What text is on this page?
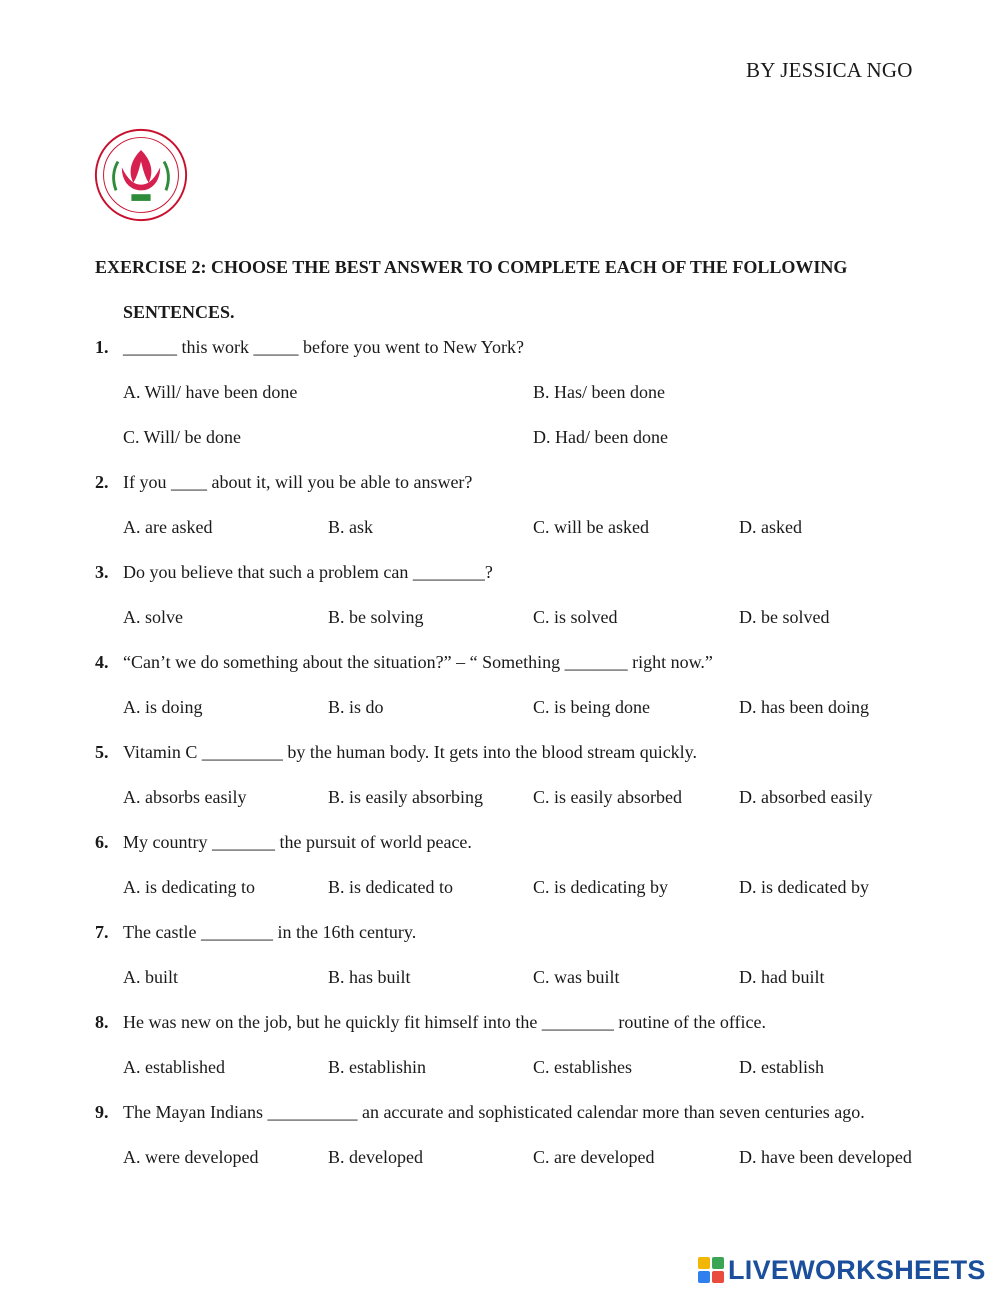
BY JESSICA NGO
EXERCISE 2: CHOOSE THE BEST ANSWER TO COMPLETE EACH OF THE FOLLOWING
SENTENCES.
1. ______ this work _____ before you went to New York?
A. Will/ have been done	B. Has/ been done
C. Will/ be done	D. Had/ been done
2. If you ____ about it, will you be able to answer?
A. are asked	B. ask	C. will be asked	D. asked
3. Do you believe that such a problem can ________?
A. solve	B. be solving	C. is solved	D. be solved
4. “Can’t we do something about the situation?” – “ Something _______ right now.”
A. is doing	B. is do	C. is being done	D. has been doing
5. Vitamin C _________ by the human body. It gets into the blood stream quickly.
A. absorbs easily	B. is easily absorbing	C. is easily absorbed	D. absorbed easily
6. My country _______ the pursuit of world peace.
A. is dedicating to	B. is dedicated to	C. is dedicating by	D. is dedicated by
7. The castle ________ in the 16th century.
A. built	B. has built	C. was built	D. had built
8. He was new on the job, but he quickly fit himself into the ________ routine of the office.
A. established	B. establishin	C. establishes	D. establish
9. The Mayan Indians __________ an accurate and sophisticated calendar more than seven centuries ago.
A. were developed	B. developed	C. are developed	D. have been developed
LIVEWORKSHEETS
